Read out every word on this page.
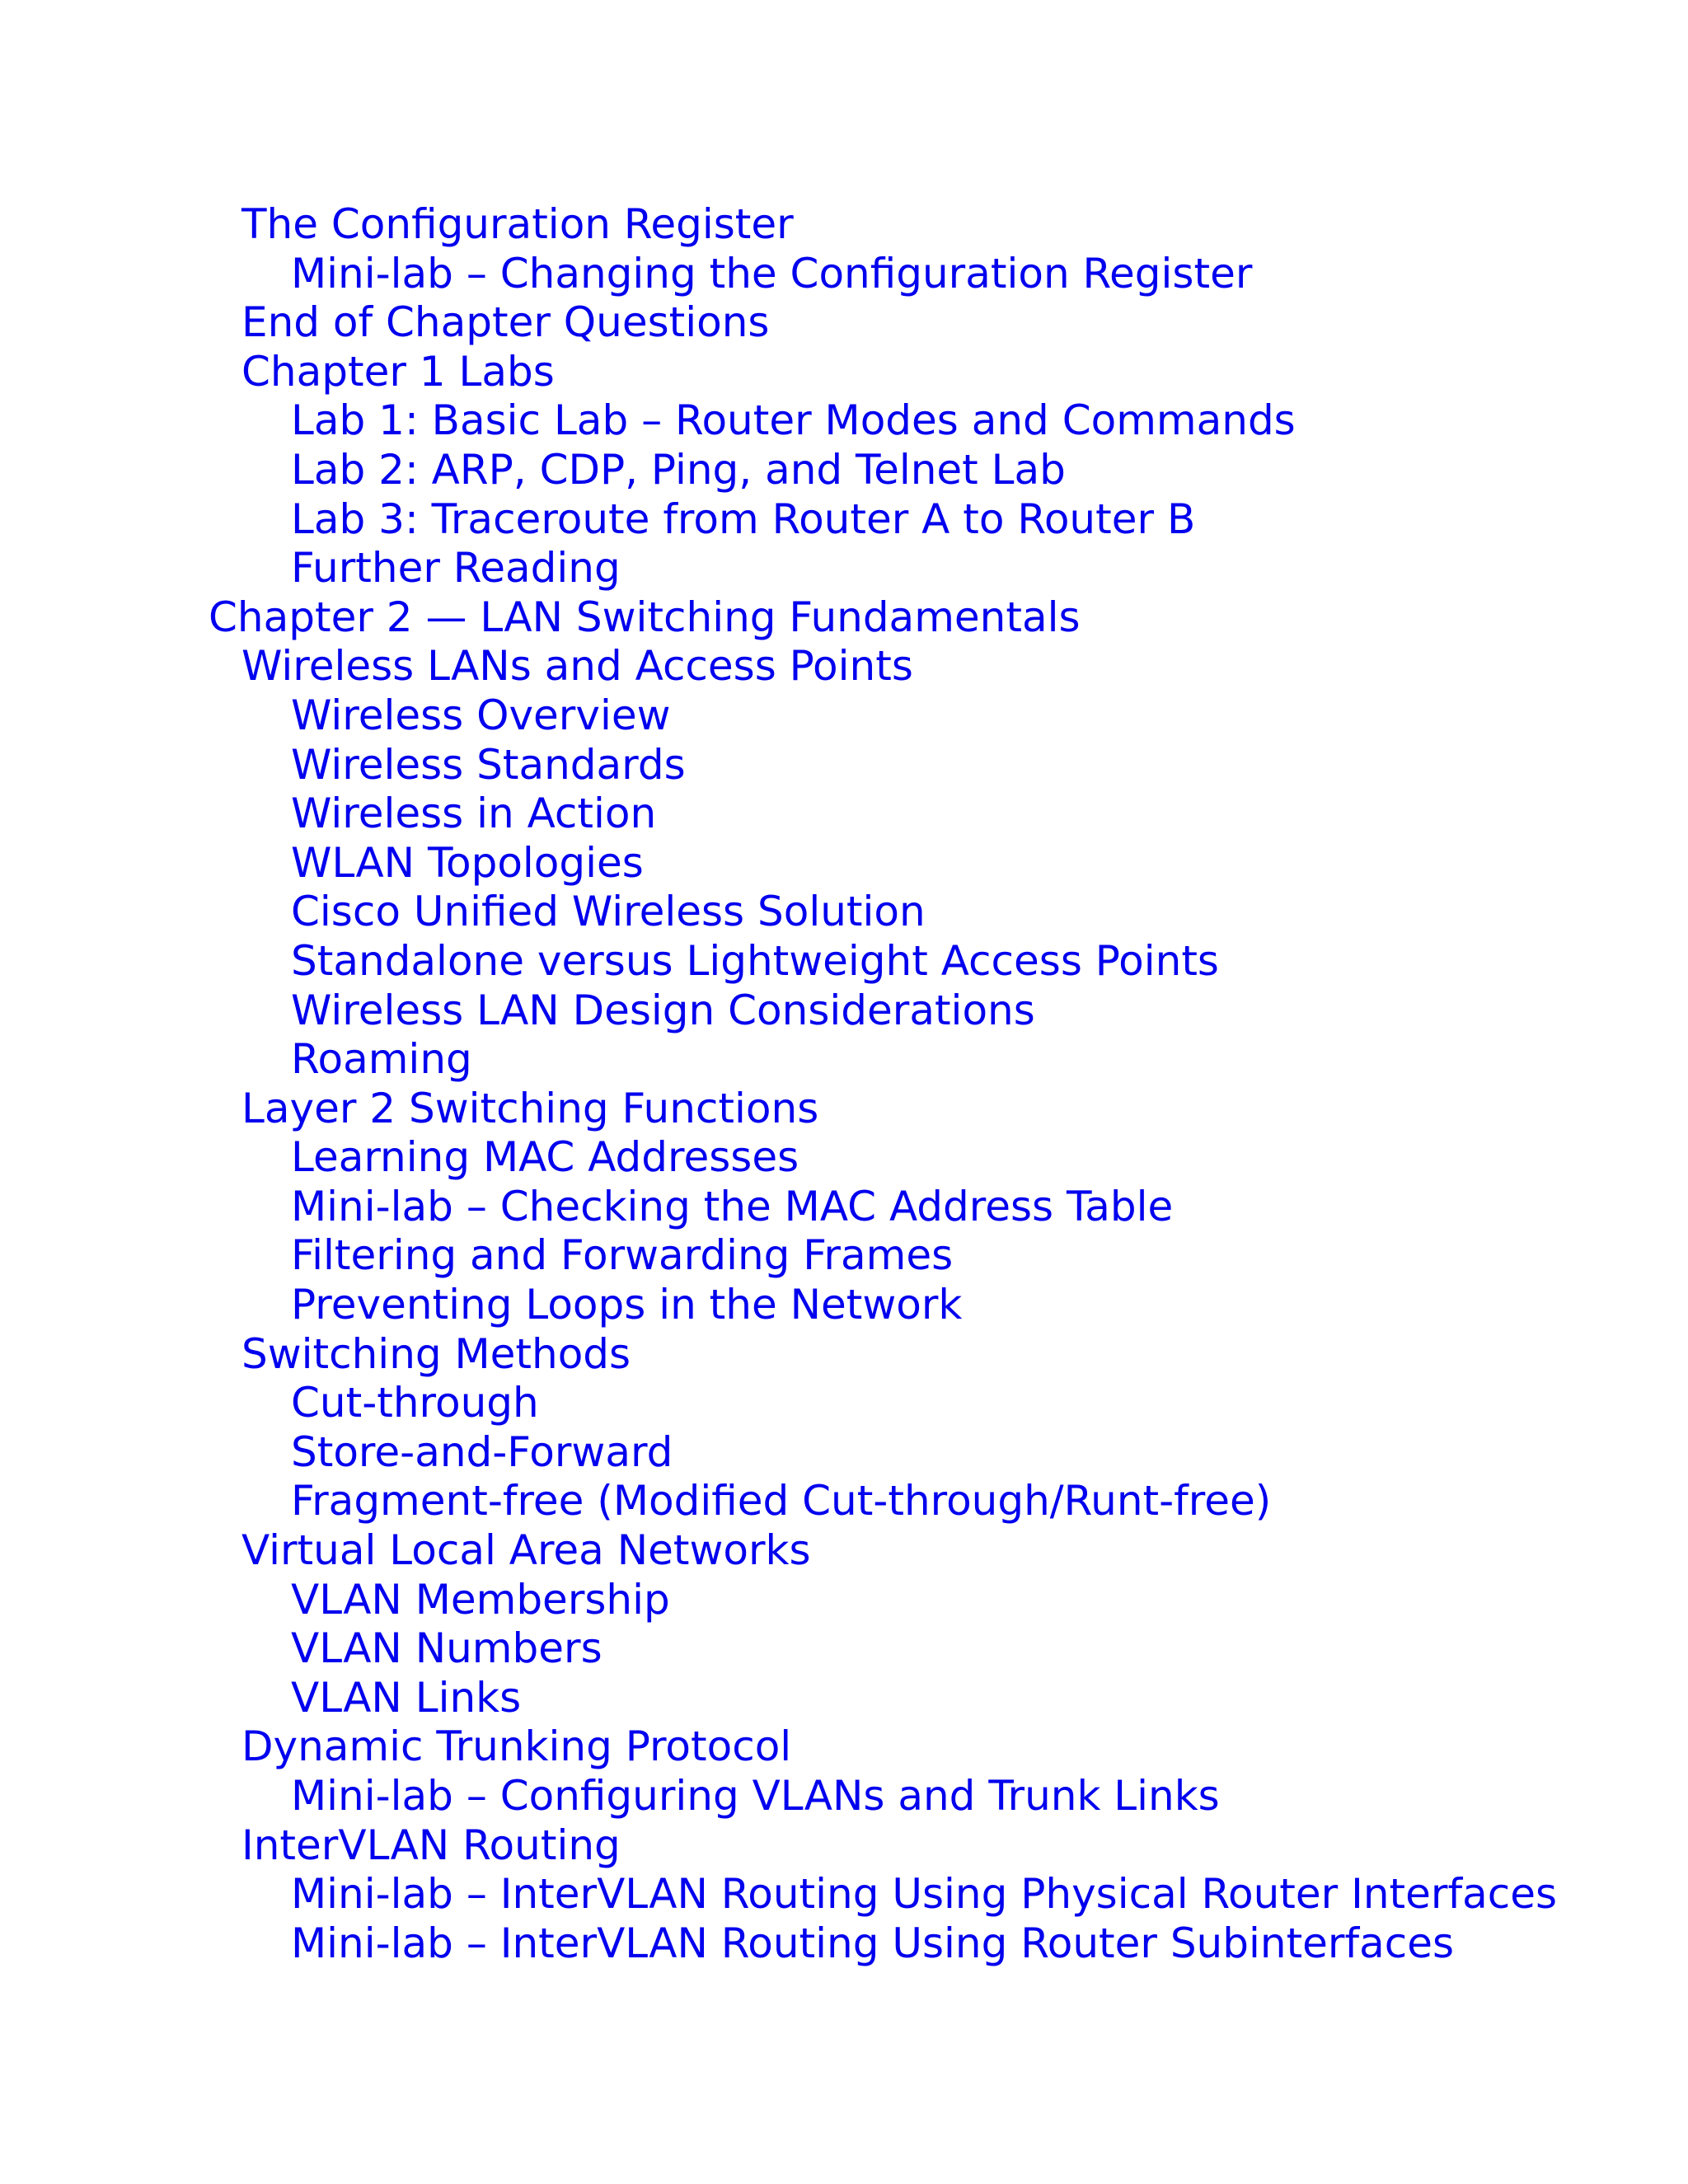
The Configuration Register
Mini-lab – Changing the Configuration Register
End of Chapter Questions
Chapter 1 Labs
Lab 1: Basic Lab – Router Modes and Commands
Lab 2: ARP, CDP, Ping, and Telnet Lab
Lab 3: Traceroute from Router A to Router B
Further Reading
Chapter 2 — LAN Switching Fundamentals
Wireless LANs and Access Points
Wireless Overview
Wireless Standards
Wireless in Action
WLAN Topologies
Cisco Unified Wireless Solution
Standalone versus Lightweight Access Points
Wireless LAN Design Considerations
Roaming
Layer 2 Switching Functions
Learning MAC Addresses
Mini-lab – Checking the MAC Address Table
Filtering and Forwarding Frames
Preventing Loops in the Network
Switching Methods
Cut-through
Store-and-Forward
Fragment-free (Modified Cut-through/Runt-free)
Virtual Local Area Networks
VLAN Membership
VLAN Numbers
VLAN Links
Dynamic Trunking Protocol
Mini-lab – Configuring VLANs and Trunk Links
InterVLAN Routing
Mini-lab – InterVLAN Routing Using Physical Router Interfaces
Mini-lab – InterVLAN Routing Using Router Subinterfaces
